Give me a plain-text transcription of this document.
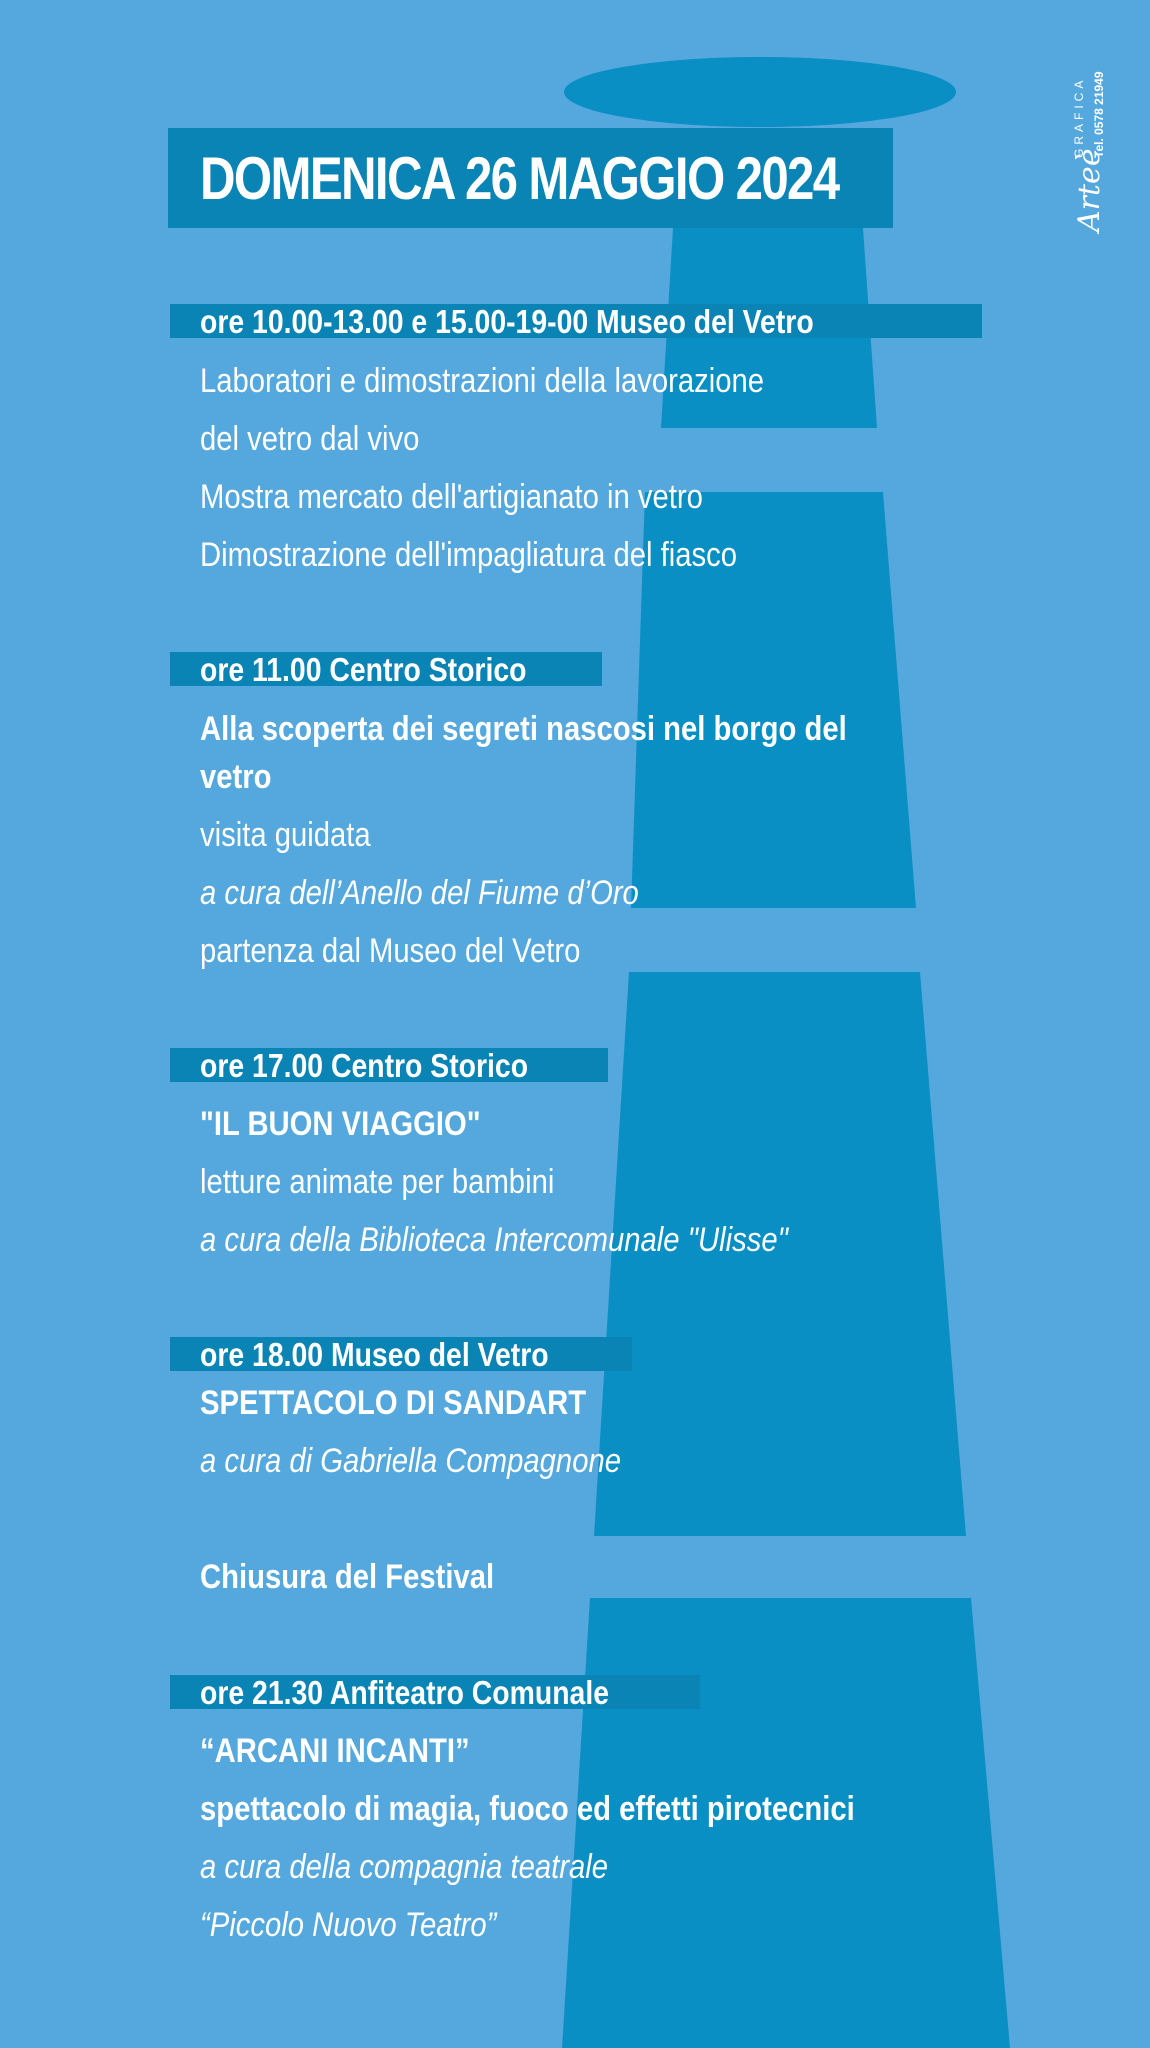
DOMENICA 26 MAGGIO 2024	Arteè
GRAFICA Tel. 0578 21949
ore 10.00-13.00 e 15.00-19-00 Museo del Vetro
Laboratori e dimostrazioni della lavorazione
del vetro dal vivo
Mostra mercato dell'artigianato in vetro
Dimostrazione dell'impagliatura del fiasco
ore 11.00 Centro Storico
Alla scoperta dei segreti nascosi nel borgo del
vetro
visita guidata
a cura dell’Anello del Fiume d’Oro
partenza dal Museo del Vetro
ore 17.00 Centro Storico
"IL BUON VIAGGIO"
letture animate per bambini
a cura della Biblioteca Intercomunale "Ulisse"
ore 18.00 Museo del Vetro
SPETTACOLO DI SANDART
a cura di Gabriella Compagnone
Chiusura del Festival
ore 21.30 Anfiteatro Comunale
“ARCANI INCANTI”
spettacolo di magia, fuoco ed effetti pirotecnici
a cura della compagnia teatrale
“Piccolo Nuovo Teatro”
